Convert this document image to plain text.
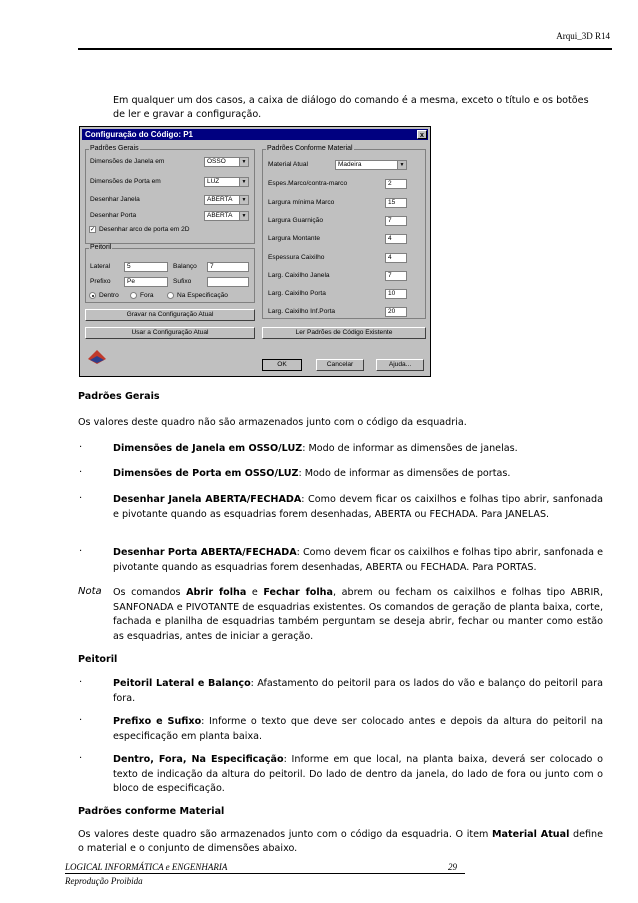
Arqui_3D R14
Em qualquer um dos casos, a caixa de diálogo do comando é a mesma, exceto o título e os botões de ler e gravar a configuração.
Configuração do Código: P1	x
Padrões Gerais
Dimensões de Janela em	OSSO	▼
Dimensões de Porta em	LUZ	▼
Desenhar Janela	ABERTA	▼
Desenhar Porta	ABERTA	▼
✓ Desenhar arco de porta em 2D
Peitoril
Lateral	5	Balanço	7
Prefixo	Pe	Sufixo
Dentro	Fora	Na Especificação
Gravar na Configuração Atual
Usar a Configuração Atual
Padrões Conforme Material
Material Atual	Madeira	▼
Espes.Marco/contra-marco	2
Largura mínima Marco	15
Largura Guarnição	7
Largura Montante	4
Espessura Caixilho	4
Larg. Caixilho Janela	7
Larg. Caixilho Porta	10
Larg. Caixilho Inf.Porta	20
Ler Padrões de Código Existente
OK	Cancelar	Ajuda...
Padrões Gerais
Os valores deste quadro não são armazenados junto com o código da esquadria.
·	Dimensões de Janela em OSSO/LUZ: Modo de informar as dimensões de janelas.
·	Dimensões de Porta em OSSO/LUZ: Modo de informar as dimensões de portas.
·	Desenhar Janela ABERTA/FECHADA: Como devem ficar os caixilhos e folhas tipo abrir, sanfonada e pivotante quando as esquadrias forem desenhadas, ABERTA ou FECHADA. Para JANELAS.
·	Desenhar Porta ABERTA/FECHADA: Como devem ficar os caixilhos e folhas tipo abrir, sanfonada e pivotante quando as esquadrias forem desenhadas, ABERTA ou FECHADA. Para PORTAS.
Nota Os comandos Abrir folha e Fechar folha, abrem ou fecham os caixilhos e folhas tipo ABRIR, SANFONADA e PIVOTANTE de esquadrias existentes. Os comandos de geração de planta baixa, corte, fachada e planilha de esquadrias também perguntam se deseja abrir, fechar ou manter como estão as esquadrias, antes de iniciar a geração.
Peitoril
·	Peitoril Lateral e Balanço: Afastamento do peitoril para os lados do vão e balanço do peitoril para fora.
·	Prefixo e Sufixo: Informe o texto que deve ser colocado antes e depois da altura do peitoril na especificação em planta baixa.
·	Dentro, Fora, Na Especificação: Informe em que local, na planta baixa, deverá ser colocado o texto de indicação da altura do peitoril. Do lado de dentro da janela, do lado de fora ou junto com o bloco de especificação.
Padrões conforme Material
Os valores deste quadro são armazenados junto com o código da esquadria. O item Material Atual define o material e o conjunto de dimensões abaixo.
LOGICAL INFORMÁTICA e ENGENHARIA	29
Reprodução Proibida
